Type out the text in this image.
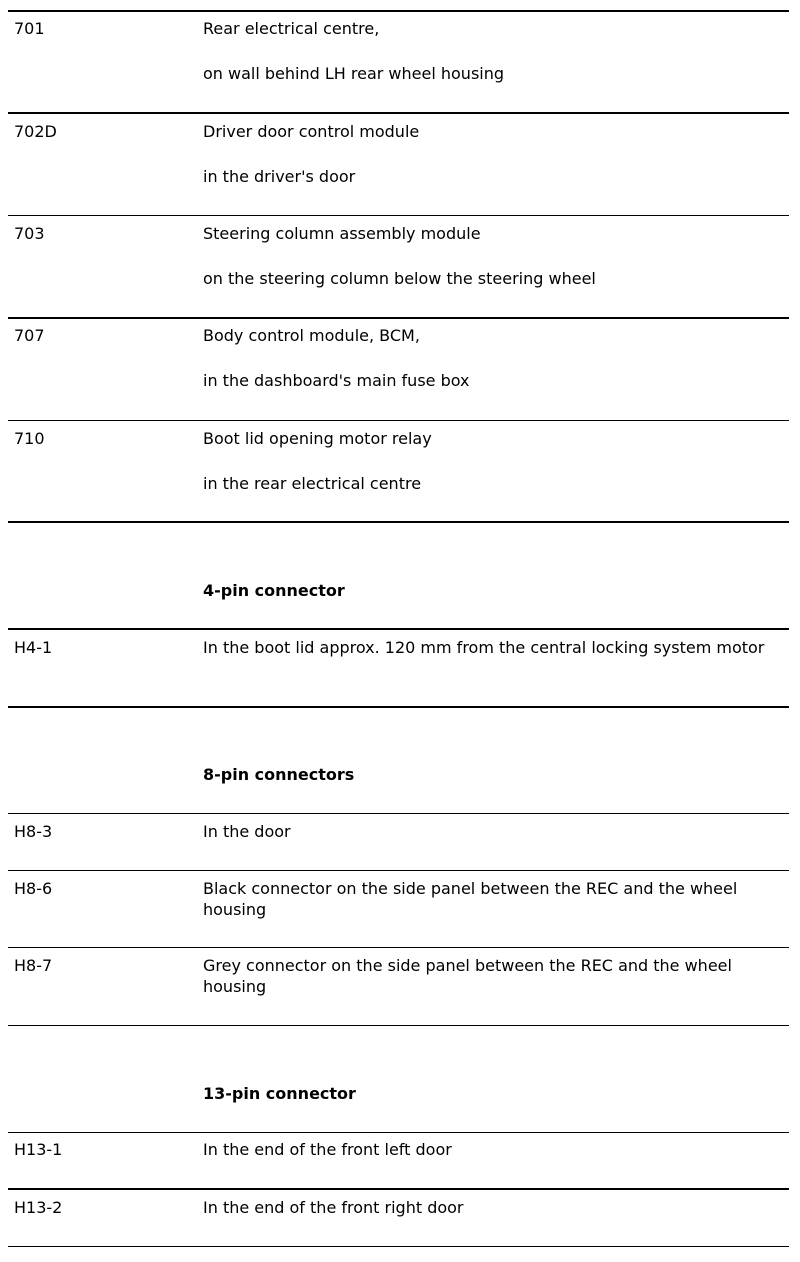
701	Rear electrical centre,
on wall behind LH rear wheel housing
702D	Driver door control module
in the driver's door
703	Steering column assembly module
on the steering column below the steering wheel
707	Body control module, BCM,
in the dashboard's main fuse box
710	Boot lid opening motor relay
in the rear electrical centre
4-pin connector
H4-1	In the boot lid approx. 120 mm from the central locking system motor
8-pin connectors
H8-3	In the door
H8-6	Black connector on the side panel between the REC and the wheel housing
H8-7	Grey connector on the side panel between the REC and the wheel housing
13-pin connector
H13-1	In the end of the front left door
H13-2	In the end of the front right door
